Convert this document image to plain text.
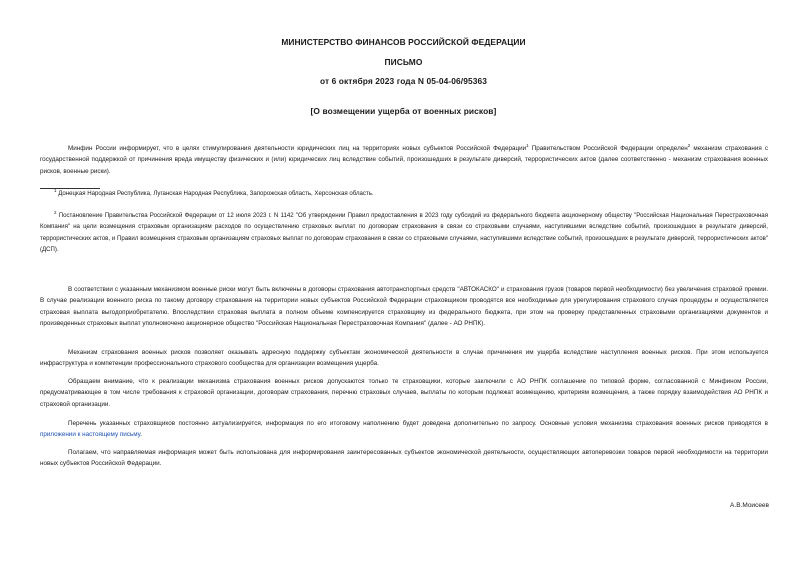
МИНИСТЕРСТВО ФИНАНСОВ РОССИЙСКОЙ ФЕДЕРАЦИИ
ПИСЬМО
от 6 октября 2023 года N 05-04-06/95363
[О возмещении ущерба от военных рисков]

Минфин России информирует, что в целях стимулирования деятельности юридических лиц на территориях новых субъектов Российской Федерации$^1$ Правительством Российской Федерации определен$^2$ механизм страхования с государственной поддержкой от причинения вреда имуществу физических и (или) юридических лиц вследствие событий, произошедших в результате диверсий, террористических актов (далее соответственно - механизм страхования военных рисков, военные риски).

$^1$ Донецкая Народная Республика, Луганская Народная Республика, Запорожская область, Херсонская область.

$^2$ Постановление Правительства Российской Федерации от 12 июля 2023 г. N 1142 "Об утверждении Правил предоставления в 2023 году субсидий из федерального бюджета акционерному обществу "Российская Национальная Перестраховочная Компания" на цели возмещения страховым организациям расходов по осуществлению страховых выплат по договорам страхования в связи со страховыми случаями, наступившими вследствие событий, произошедших в результате диверсий, террористических актов, и Правил возмещения страховым организациям страховых выплат по договорам страхования в связи со страховыми случаями, наступившими вследствие событий, произошедших в результате диверсий, террористических актов" (ДСП).

В соответствии с указанным механизмом военные риски могут быть включены в договоры страхования автотранспортных средств "АВТОКАСКО" и страхования грузов (товаров первой необходимости) без увеличения страховой премии. В случае реализации военного риска по такому договору страхования на территории новых субъектов Российской Федерации страховщиком проводятся все необходимые для урегулирования страхового случая процедуры и осуществляется страховая выплата выгодоприобретателю. Впоследствии страховая выплата в полном объеме компенсируется страховщику из федерального бюджета, при этом на проверку представленных страховыми организациями документов и произведенных страховых выплат уполномочено акционерное общество "Российская Национальная Перестраховочная Компания" (далее - АО РНПК).

Механизм страхования военных рисков позволяет оказывать адресную поддержку субъектам экономической деятельности в случае причинения им ущерба вследствие наступления военных рисков. При этом используется инфраструктура и компетенции профессионального страхового сообщества для организации возмещения ущерба.

Обращаем внимание, что к реализации механизма страхования военных рисков допускаются только те страховщики, которые заключили с АО РНПК соглашение по типовой форме, согласованной с Минфином России, предусматривающее в том числе требования к страховой организации, договорам страхования, перечню страховых случаев, выплаты по которым подлежат возмещению, критериям возмещения, а также порядку взаимодействия АО РНПК и страховой организации.

Перечень указанных страховщиков постоянно актуализируется, информация по его итоговому наполнению будет доведена дополнительно по запросу. Основные условия механизма страхования военных рисков приводятся в приложении к настоящему письму.

Полагаем, что направляемая информация может быть использована для информирования заинтересованных субъектов экономической деятельности, осуществляющих автоперевозки товаров первой необходимости на территории новых субъектов Российской Федерации.

А.В.Моисеев
